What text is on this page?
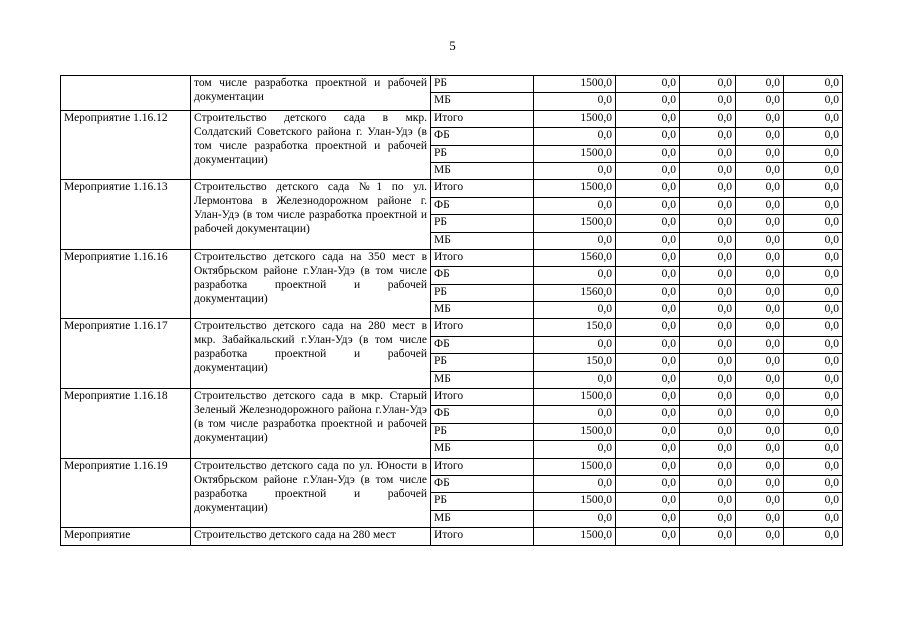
5
	том числе разработка проектной и рабочей документации	РБ	1500,0	0,0	0,0	0,0	0,0
		МБ	0,0	0,0	0,0	0,0	0,0
Мероприятие 1.16.12	Строительство детского сада в мкр. Солдатский Советского района г. Улан-Удэ (в том числе разработка проектной и рабочей документации)	Итого	1500,0	0,0	0,0	0,0	0,0
		ФБ	0,0	0,0	0,0	0,0	0,0
		РБ	1500,0	0,0	0,0	0,0	0,0
		МБ	0,0	0,0	0,0	0,0	0,0
Мероприятие 1.16.13	Строительство детского сада №1 по ул. Лермонтова в Железнодорожном районе г. Улан-Удэ (в том числе разработка проектной и рабочей документации)	Итого	1500,0	0,0	0,0	0,0	0,0
		ФБ	0,0	0,0	0,0	0,0	0,0
		РБ	1500,0	0,0	0,0	0,0	0,0
		МБ	0,0	0,0	0,0	0,0	0,0
Мероприятие 1.16.16	Строительство детского сада на 350 мест в Октябрьском районе г.Улан-Удэ (в том числе разработка проектной и рабочей документации)	Итого	1560,0	0,0	0,0	0,0	0,0
		ФБ	0,0	0,0	0,0	0,0	0,0
		РБ	1560,0	0,0	0,0	0,0	0,0
		МБ	0,0	0,0	0,0	0,0	0,0
Мероприятие 1.16.17	Строительство детского сада на 280 мест в мкр. Забайкальский г.Улан-Удэ (в том числе разработка проектной и рабочей документации)	Итого	150,0	0,0	0,0	0,0	0,0
		ФБ	0,0	0,0	0,0	0,0	0,0
		РБ	150,0	0,0	0,0	0,0	0,0
		МБ	0,0	0,0	0,0	0,0	0,0
Мероприятие 1.16.18	Строительство детского сада в мкр. Старый Зеленый Железнодорожного района г.Улан-Удэ (в том числе разработка проектной и рабочей документации)	Итого	1500,0	0,0	0,0	0,0	0,0
		ФБ	0,0	0,0	0,0	0,0	0,0
		РБ	1500,0	0,0	0,0	0,0	0,0
		МБ	0,0	0,0	0,0	0,0	0,0
Мероприятие 1.16.19	Строительство детского сада по ул. Юности в Октябрьском районе г.Улан-Удэ (в том числе разработка проектной и рабочей документации)	Итого	1500,0	0,0	0,0	0,0	0,0
		ФБ	0,0	0,0	0,0	0,0	0,0
		РБ	1500,0	0,0	0,0	0,0	0,0
		МБ	0,0	0,0	0,0	0,0	0,0
Мероприятие	Строительство детского сада на 280 мест	Итого	1500,0	0,0	0,0	0,0	0,0
